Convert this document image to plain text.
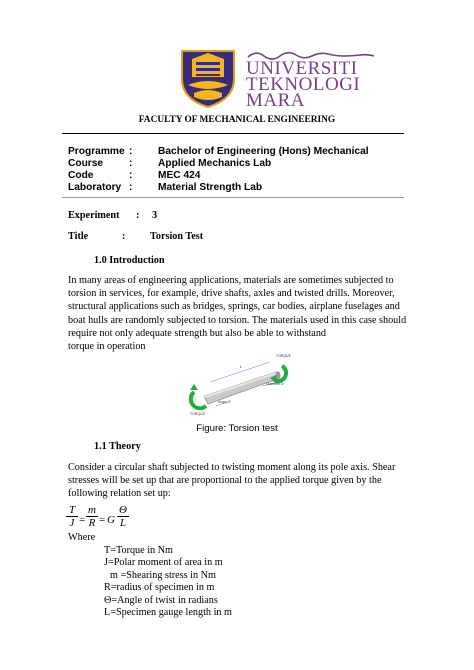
UNIVERSITI
TEKNOLOGI
MARA
FACULTY OF MECHANICAL ENGINEERING
Programme :	Bachelor of Engineering (Hons) Mechanical
Course	:	Applied Mechanics Lab
Code	:	MEC 424
Laboratory :	Material Strength Lab
Experiment : 3
Title	: Torsion Test
1.0 Introduction
In many areas of engineering applications, materials are sometimes subjected to
torsion in services, for example, drive shafts, axles and twisted drills. Moreover,
structural applications such as bridges, springs, car bodies, airplane fuselages and
boat hulls are randomly subjected to torsion. The materials used in this case should
require not only adequate strength but also be able to withstand
torque in operation
TORQUE
L
Diameter D
Angle Θ
TORQUE
Figure: Torsion test
1.1 Theory
Consider a circular shaft subjected to twisting moment along its pole axis. Shear
stresses will be set up that are proportional to the applied torque given by the
following relation set up:
$\frac{T}{J} = \frac{m}{R} = G \frac{\Theta}{L}$
Where
T=Torque in Nm
J=Polar moment of area in m
m =Shearing stress in Nm
R=radius of specimen in m
Θ=Angle of twist in radians
L=Specimen gauge length in m
